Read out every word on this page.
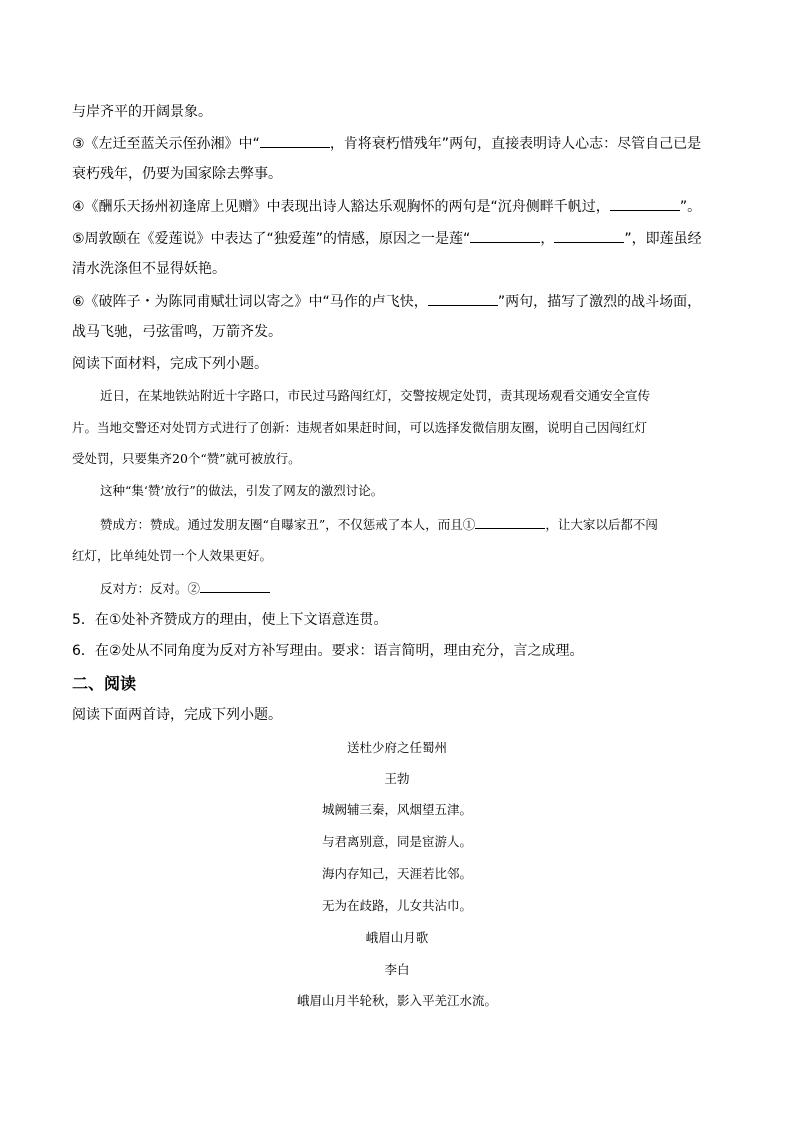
与岸齐平的开阔景象。
③《左迁至蓝关示侄孙湘》中“	，肯将衰朽惜残年”两句，直接表明诗人心志：尽管自己已是
衰朽残年，仍要为国家除去弊事。
④《酬乐天扬州初逢席上见赠》中表现出诗人豁达乐观胸怀的两句是“沉舟侧畔千帆过，	”。
⑤周敦颐在《爱莲说》中表达了“独爱莲”的情感，原因之一是莲“	，	”，即莲虽经
清水洗涤但不显得妖艳。
⑥《破阵子・为陈同甫赋壮词以寄之》中“马作的卢飞快，	”两句，描写了激烈的战斗场面，
战马飞驰，弓弦雷鸣，万箭齐发。
阅读下面材料，完成下列小题。
近日，在某地铁站附近十字路口，市民过马路闯红灯，交警按规定处罚，责其现场观看交通安全宣传
片。当地交警还对处罚方式进行了创新：违规者如果赶时间，可以选择发微信朋友圈，说明自己因闯红灯
受处罚，只要集齐20个“赞”就可被放行。
这种“集‘赞’放行”的做法，引发了网友的激烈讨论。
赞成方：赞成。通过发朋友圈“自曝家丑”，不仅惩戒了本人，而且①	，让大家以后都不闯
红灯，比单纯处罚一个人效果更好。
反对方：反对。②
5．在①处补齐赞成方的理由，使上下文语意连贯。
6．在②处从不同角度为反对方补写理由。要求：语言简明，理由充分，言之成理。
二、阅读
阅读下面两首诗，完成下列小题。
送杜少府之任蜀州
王勃
城阙辅三秦，风烟望五津。
与君离别意，同是宦游人。
海内存知己，天涯若比邻。
无为在歧路，儿女共沾巾。
峨眉山月歌
李白
峨眉山月半轮秋，影入平羌江水流。
